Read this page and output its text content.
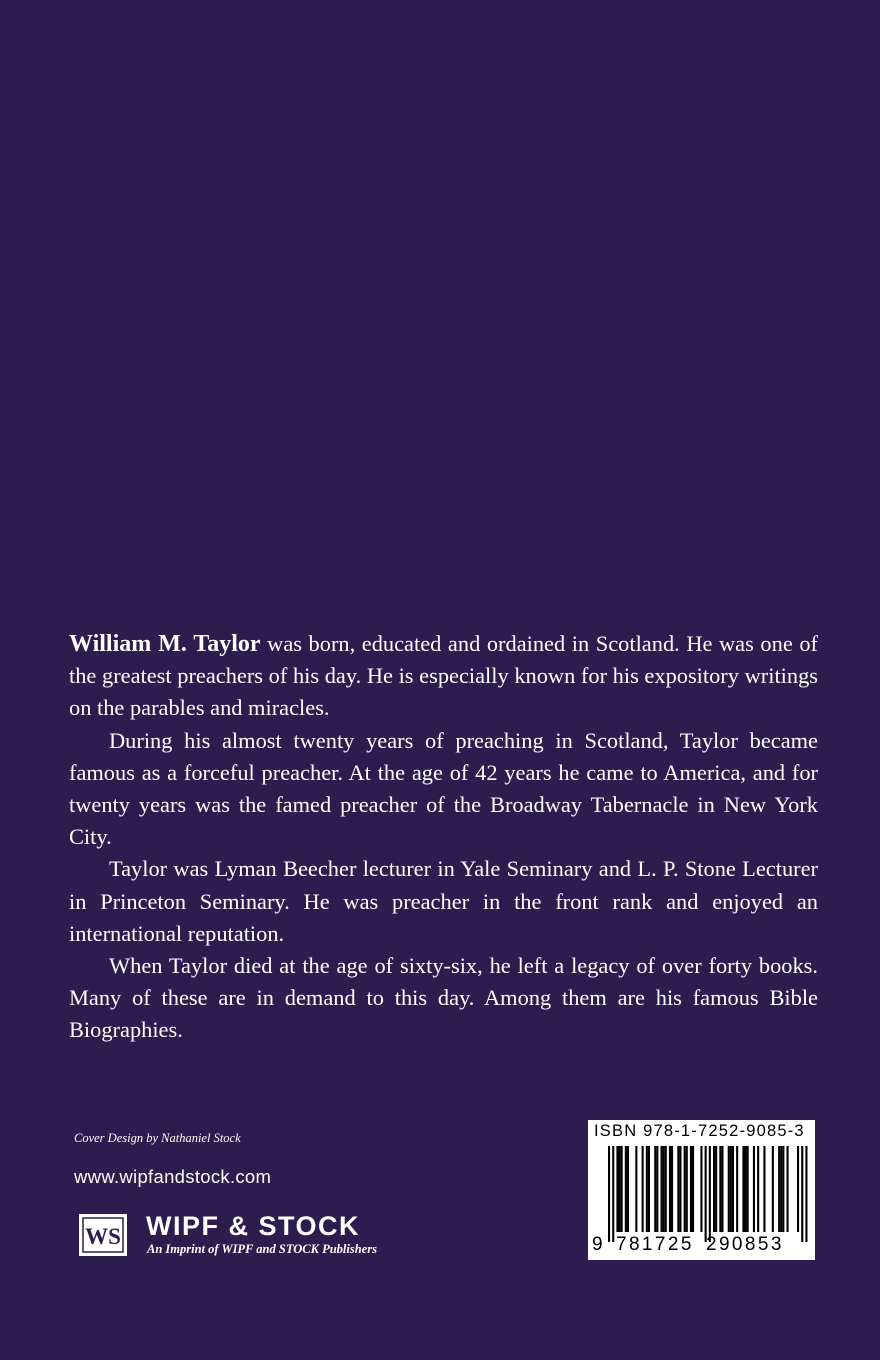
William M. Taylor was born, educated and ordained in Scotland. He was one of the greatest preachers of his day. He is especially known for his expository writings on the parables and miracles.

During his almost twenty years of preaching in Scotland, Taylor became famous as a forceful preacher. At the age of 42 years he came to America, and for twenty years was the famed preacher of the Broadway Tabernacle in New York City.

Taylor was Lyman Beecher lecturer in Yale Seminary and L. P. Stone Lecturer in Princeton Seminary. He was preacher in the front rank and enjoyed an international reputation.

When Taylor died at the age of sixty-six, he left a legacy of over forty books. Many of these are in demand to this day. Among them are his famous Bible Biographies.

Cover Design by Nathaniel Stock
www.wipfandstock.com
WS WIPF & STOCK
An Imprint of WIPF and STOCK Publishers
ISBN 978-1-7252-9085-3
9 781725 290853
